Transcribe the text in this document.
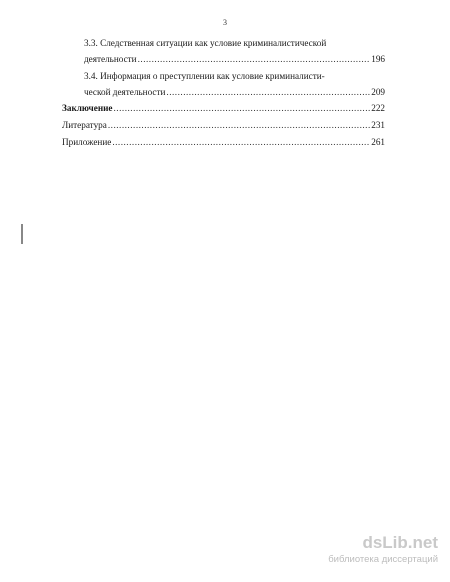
3
3.3. Следственная ситуации как условие криминалистической
деятельности .....	196
3.4. Информация о преступлении как условие криминалисти-
ческой деятельности .....	209
Заключение .....	222
Литература .....	231
Приложение .....	261
dsLib.net
библиотека диссертаций
